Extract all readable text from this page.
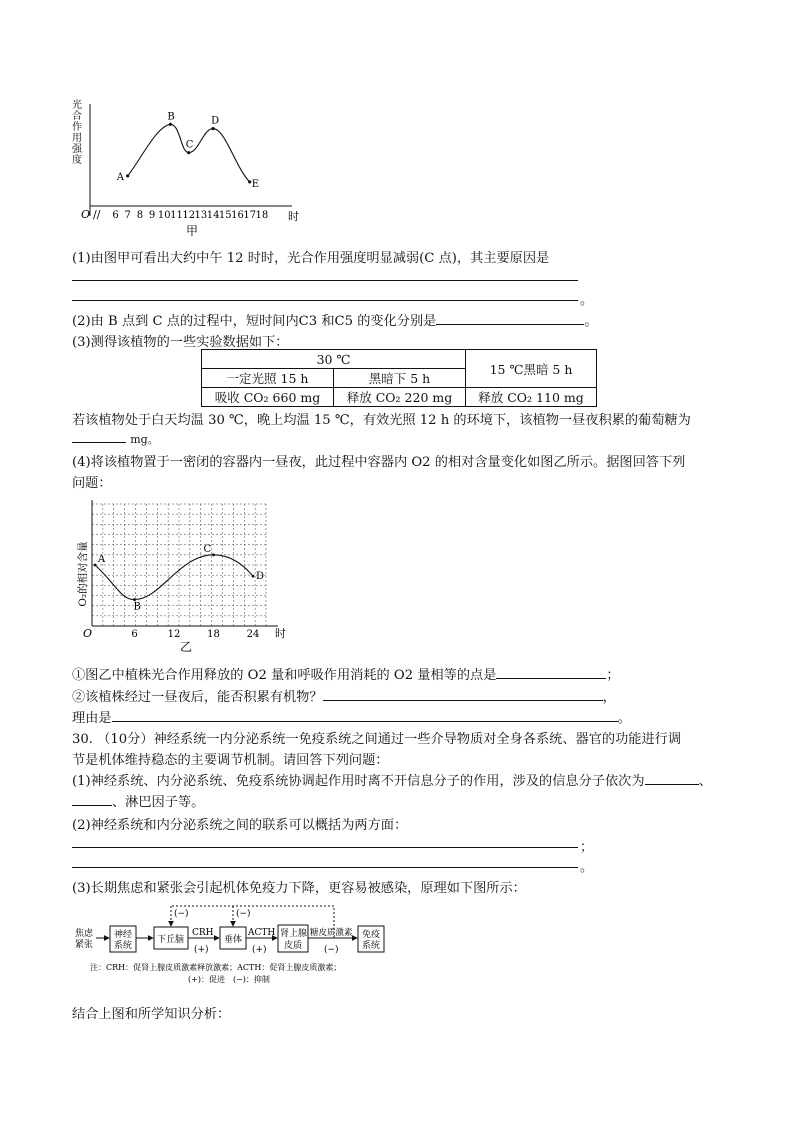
光
合
作
用
强
度
O // 6 7 8 9 10 11 12 13 14 15 16 17 18 时
A
B
C
D
E
甲
(1)由图甲可看出大约中午 12 时时，光合作用强度明显减弱(C 点)，其主要原因是
。
(2)由 B 点到 C 点的过程中，短时间内C3 和C5 的变化分别是	。
(3)测得该植物的一些实验数据如下：
30 ℃		15 ℃黑暗 5 h
一定光照 15 h	黑暗下 5 h	
吸收 CO₂ 660 mg	释放 CO₂ 220 mg	释放 CO₂ 110 mg
若该植物处于白天均温 30 ℃，晚上均温 15 ℃，有效光照 12 h 的环境下，该植物一昼夜积累的葡萄糖为
mg。
(4)将该植物置于一密闭的容器内一昼夜，此过程中容器内 O2 的相对含量变化如图乙所示。据图回答下列
问题：
O₂的相对含量
O	6	12	18	24 时
A
B
C
D
乙
①图乙中植株光合作用释放的 O2 量和呼吸作用消耗的 O2 量相等的点是	；
②该植株经过一昼夜后，能否积累有机物？	，
理由是	。
30. （10分）神经系统一内分泌系统一免疫系统之间通过一些介导物质对全身各系统、器官的功能进行调
节是机体维持稳态的主要调节机制。请回答下列问题：
(1)神经系统、内分泌系统、免疫系统协调起作用时离不开信息分子的作用，涉及的信息分子依次为	、
、淋巴因子等。
(2)神经系统和内分泌系统之间的联系可以概括为两方面：
；
。
(3)长期焦虑和紧张会引起机体免疫力下降，更容易被感染，原理如下图所示：
焦虑
紧张
神经
系统
下丘脑
CRH
(+)
垂体
ACTH
(+)
肾上腺
皮质
糖皮质激素
(−)
免疫
系统
(−)	(−)
注：CRH：促肾上腺皮质激素释放激素；ACTH：促肾上腺皮质激素；
(+)：促进　(−)：抑制
结合上图和所学知识分析：
